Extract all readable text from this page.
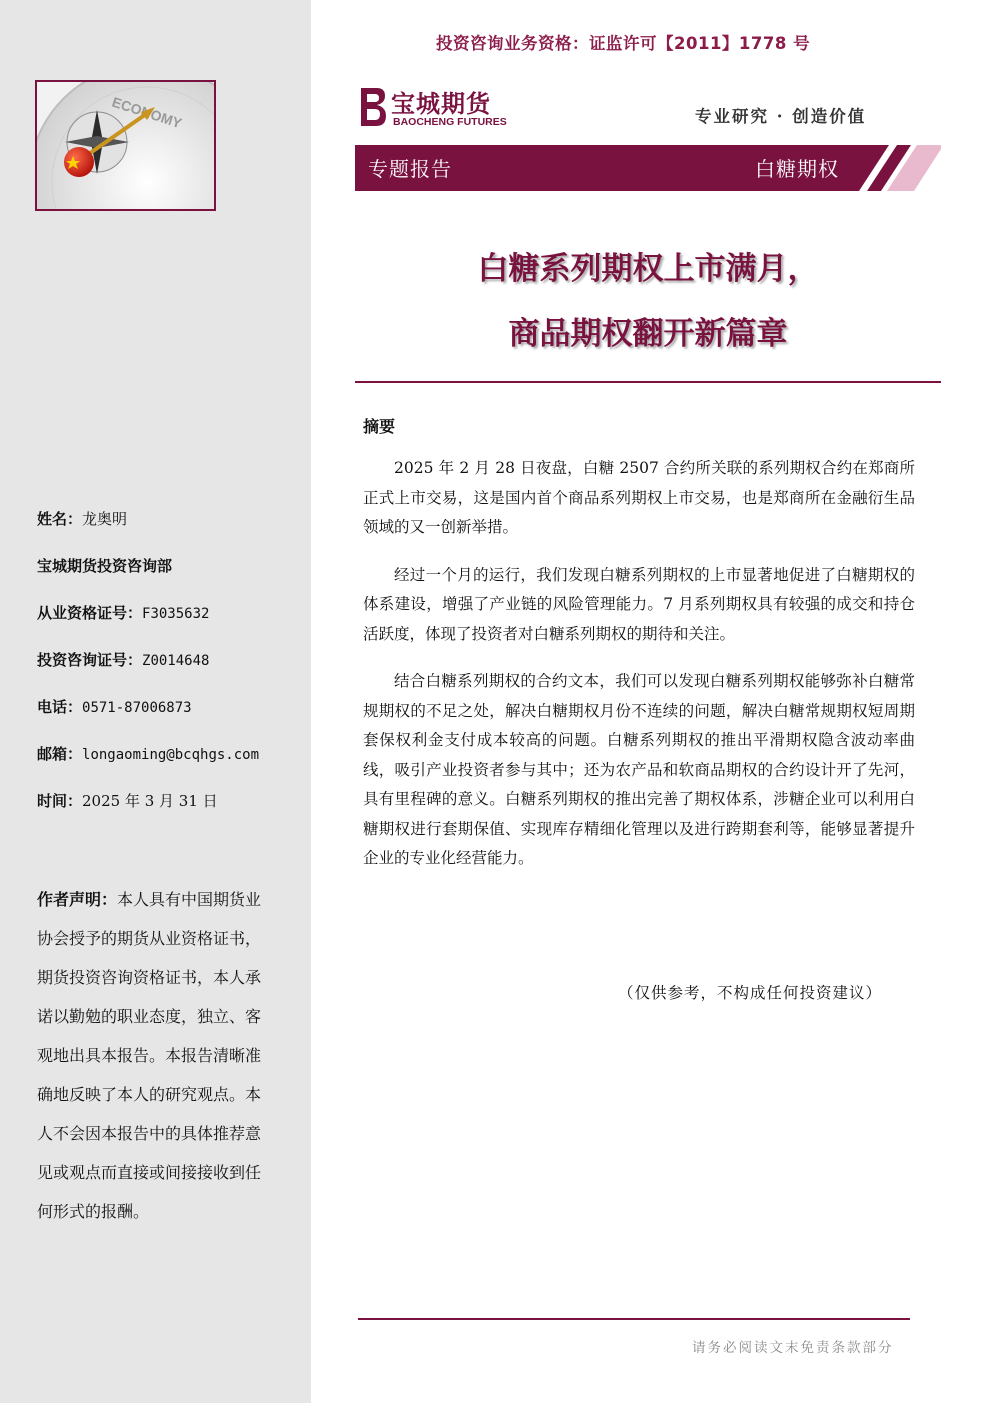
姓名：龙奥明
宝城期货投资咨询部
从业资格证号：F3035632
投资咨询证号：Z0014648
电话：0571-87006873
邮箱：longaoming@bcqhgs.com
时间：2025 年 3 月 31 日
作者声明：本人具有中国期货业协会授予的期货从业资格证书，期货投资咨询资格证书，本人承诺以勤勉的职业态度，独立、客观地出具本报告。本报告清晰准确地反映了本人的研究观点。本人不会因本报告中的具体推荐意见或观点而直接或间接接收到任何形式的报酬。
投资咨询业务资格：证监许可【2011】1778 号
宝城期货
BAOCHENG FUTURES	专业研究 · 创造价值
专题报告	白糖期权
白糖系列期权上市满月，
商品期权翻开新篇章
摘要

2025 年 2 月 28 日夜盘，白糖 2507 合约所关联的系列期权合约在郑商所正式上市交易，这是国内首个商品系列期权上市交易，也是郑商所在金融衍生品领域的又一创新举措。

经过一个月的运行，我们发现白糖系列期权的上市显著地促进了白糖期权的体系建设，增强了产业链的风险管理能力。7 月系列期权具有较强的成交和持仓活跃度，体现了投资者对白糖系列期权的期待和关注。

结合白糖系列期权的合约文本，我们可以发现白糖系列期权能够弥补白糖常规期权的不足之处，解决白糖期权月份不连续的问题，解决白糖常规期权短周期套保权利金支付成本较高的问题。白糖系列期权的推出平滑期权隐含波动率曲线，吸引产业投资者参与其中；还为农产品和软商品期权的合约设计开了先河，具有里程碑的意义。白糖系列期权的推出完善了期权体系，涉糖企业可以利用白糖期权进行套期保值、实现库存精细化管理以及进行跨期套利等，能够显著提升企业的专业化经营能力。

（仅供参考，不构成任何投资建议）
请务必阅读文末免责条款部分
